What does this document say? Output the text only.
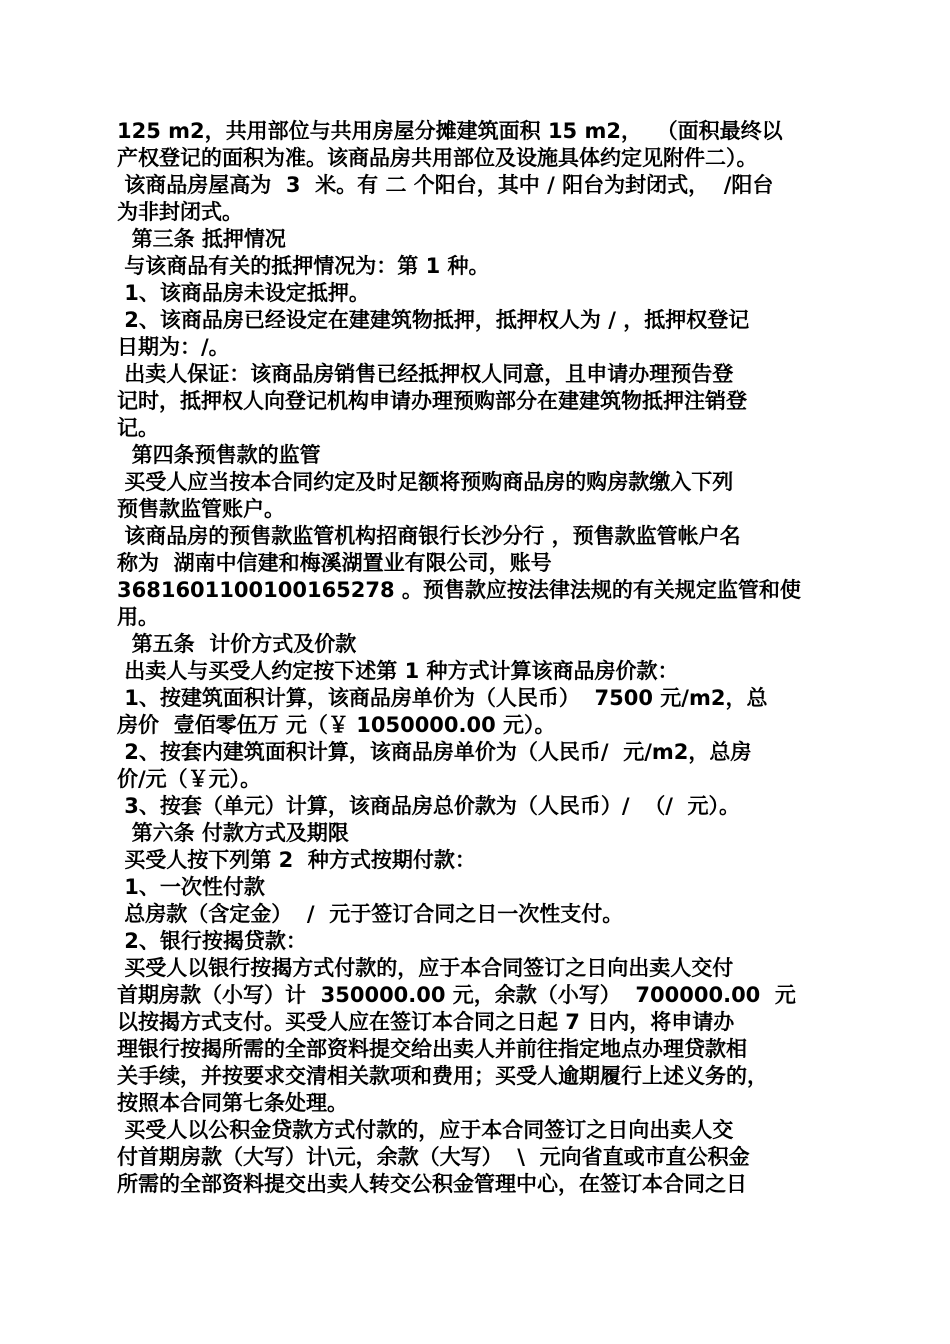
125 m2，共用部位与共用房屋分摊建筑面积 15 m2，  （面积最终以
产权登记的面积为准。该商品房共用部位及设施具体约定见附件二）。
该商品房屋高为  3  米。有 二 个阳台，其中 / 阳台为封闭式，  /阳台
为非封闭式。
第三条 抵押情况
与该商品有关的抵押情况为：第 1 种。
1、该商品房未设定抵押。
2、该商品房已经设定在建建筑物抵押，抵押权人为 / ，抵押权登记
日期为：/。
出卖人保证：该商品房销售已经抵押权人同意，且申请办理预告登
记时，抵押权人向登记机构申请办理预购部分在建建筑物抵押注销登
记。
第四条预售款的监管
买受人应当按本合同约定及时足额将预购商品房的购房款缴入下列
预售款监管账户。
该商品房的预售款监管机构招商银行长沙分行 ，预售款监管帐户名
称为  湖南中信建和梅溪湖置业有限公司，账号
3681601100100165278 。预售款应按法律法规的有关规定监管和使
用。
第五条  计价方式及价款
出卖人与买受人约定按下述第 1 种方式计算该商品房价款：
1、按建筑面积计算，该商品房单价为（人民币）  7500 元/m2，总
房价  壹佰零伍万 元（￥ 1050000.00 元）。
2、按套内建筑面积计算，该商品房单价为（人民币/  元/m2，总房
价/元（￥元）。
3、按套（单元）计算，该商品房总价款为（人民币）/  （/  元）。
第六条 付款方式及期限
买受人按下列第 2  种方式按期付款：
1、一次性付款
总房款（含定金）  /  元于签订合同之日一次性支付。
2、银行按揭贷款：
买受人以银行按揭方式付款的，应于本合同签订之日向出卖人交付
首期房款（小写）计  350000.00 元，余款（小写）  700000.00  元
以按揭方式支付。买受人应在签订本合同之日起 7 日内，将申请办
理银行按揭所需的全部资料提交给出卖人并前往指定地点办理贷款相
关手续，并按要求交清相关款项和费用；买受人逾期履行上述义务的，
按照本合同第七条处理。
买受人以公积金贷款方式付款的，应于本合同签订之日向出卖人交
付首期房款（大写）计\元，余款（大写）  \  元向省直或市直公积金
所需的全部资料提交出卖人转交公积金管理中心，在签订本合同之日
